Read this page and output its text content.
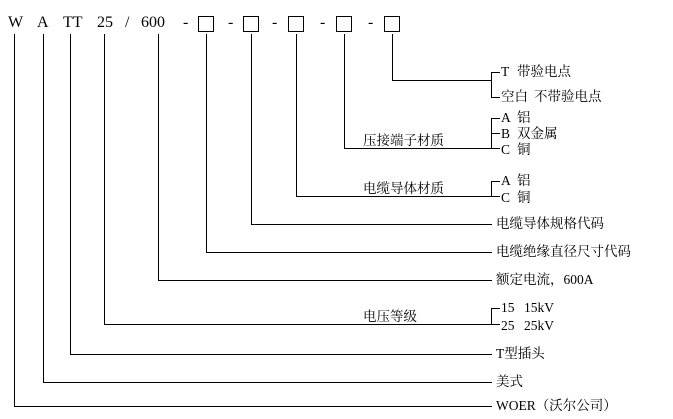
W A TT 25 / 600 - - -	-	-
T 带验电点
空白 不带验电点
压接端子材质
A 铝
B 双金属
C 铜
电缆导体材质
A 铝
C 铜
电缆导体规格代码
电缆绝缘直径尺寸代码
额定电流，600A
电压等级
15 15kV
25 25kV
T型插头
美式
WOER（沃尔公司）
